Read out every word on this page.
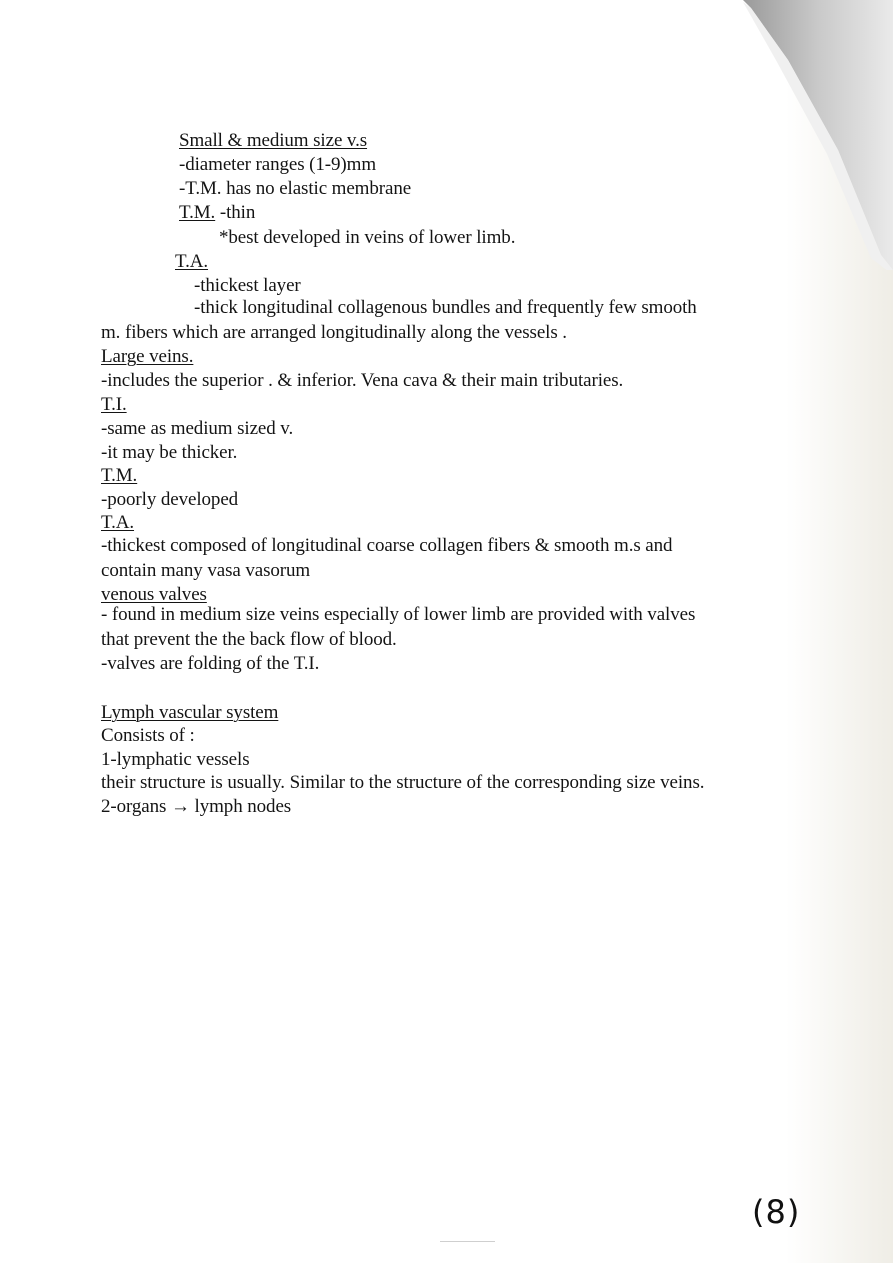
Small & medium size v.s
-diameter ranges (1-9)mm
-T.M. has no elastic membrane
T.M. -thin
*best developed in veins of lower limb.
T.A.
-thickest layer
-thick longitudinal collagenous bundles and frequently few smooth
m. fibers which are arranged longitudinally along the vessels .
Large veins.
-includes the superior . & inferior. Vena cava & their main tributaries.
T.I.
-same as medium sized v.
-it may be thicker.
T.M.
-poorly developed
T.A.
-thickest composed of longitudinal coarse collagen fibers & smooth m.s and
contain many vasa vasorum
venous valves
- found in medium size veins especially of lower limb are provided with valves
that prevent the the back flow of blood.
-valves are folding of the T.I.
Lymph vascular system
Consists of :
1-lymphatic vessels
their structure is usually. Similar to the structure of the corresponding size veins.
2-organs → lymph nodes
(8)
